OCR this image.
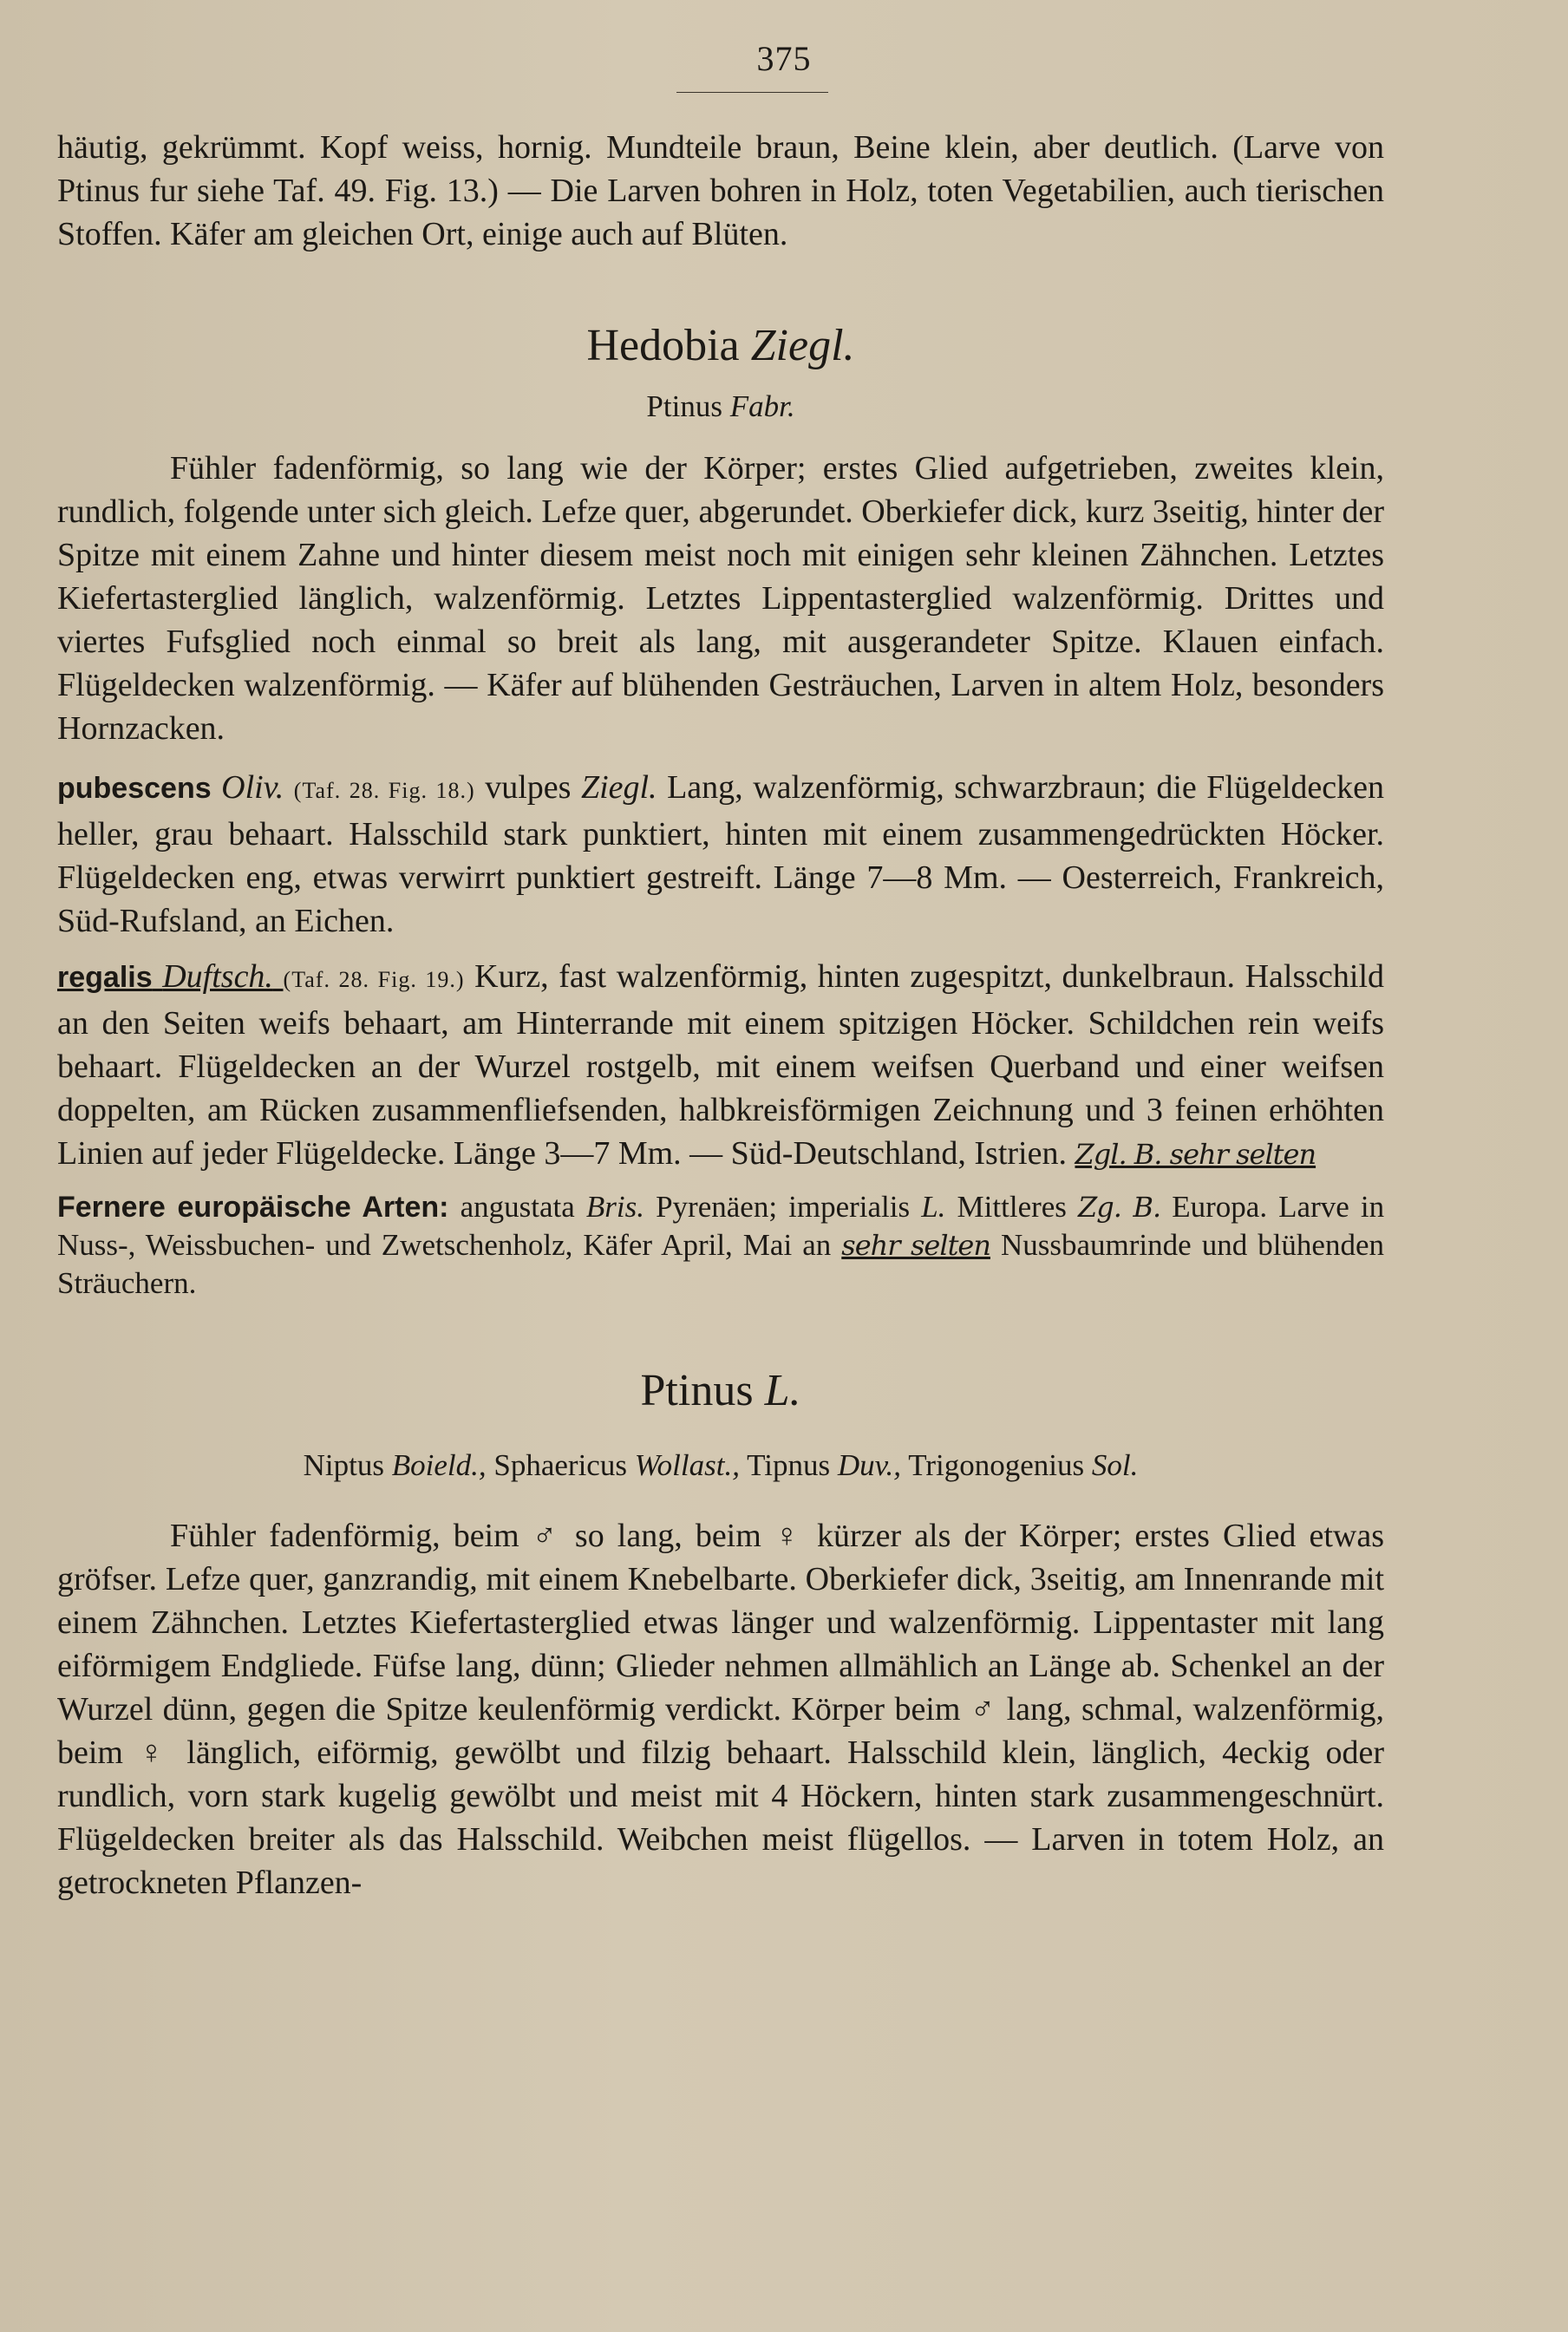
375

häutig, gekrümmt. Kopf weiss, hornig. Mundteile braun, Beine klein, aber deutlich. (Larve von Ptinus fur siehe Taf. 49. Fig. 13.) — Die Larven bohren in Holz, toten Vegetabilien, auch tierischen Stoffen. Käfer am gleichen Ort, einige auch auf Blüten.

Hedobia Ziegl.
Ptinus Fabr.

Fühler fadenförmig, so lang wie der Körper; erstes Glied aufgetrieben, zweites klein, rundlich, folgende unter sich gleich. Lefze quer, abgerundet. Oberkiefer dick, kurz 3seitig, hinter der Spitze mit einem Zahne und hinter diesem meist noch mit einigen sehr kleinen Zähnchen. Letztes Kiefertasterglied länglich, walzenförmig. Letztes Lippentasterglied walzenförmig. Drittes und viertes Fufsglied noch einmal so breit als lang, mit ausgerandeter Spitze. Klauen einfach. Flügeldecken walzenförmig. — Käfer auf blühenden Gesträuchen, Larven in altem Holz, besonders Hornzacken.

pubescens Oliv. (Taf. 28. Fig. 18.) vulpes Ziegl. Lang, walzenförmig, schwarzbraun; die Flügeldecken heller, grau behaart. Halsschild stark punktiert, hinten mit einem zusammengedrückten Höcker. Flügeldecken eng, etwas verwirrt punktiert gestreift. Länge 7—8 Mm. — Oesterreich, Frankreich, Süd-Rufsland, an Eichen.

regalis Duftsch. (Taf. 28. Fig. 19.) Kurz, fast walzenförmig, hinten zugespitzt, dunkelbraun. Halsschild an den Seiten weifs behaart, am Hinterrande mit einem spitzigen Höcker. Schildchen rein weifs behaart. Flügeldecken an der Wurzel rostgelb, mit einem weifsen Querband und einer weifsen doppelten, am Rücken zusammenfliefsenden, halbkreisförmigen Zeichnung und 3 feinen erhöhten Linien auf jeder Flügeldecke. Länge 3—7 Mm. — Süd-Deutschland, Istrien. Zgl. B. sehr selten

Fernere europäische Arten: angustata Bris. Pyrenäen; imperialis L. Mittleres Zg. B. Europa. Larve in Nuss-, Weissbuchen- und Zwetschenholz, Käfer April, Mai an sehr selten Nussbaumrinde und blühenden Sträuchern.

Ptinus L.
Niptus Boield., Sphaericus Wollast., Tipnus Duv., Trigonogenius Sol.

Fühler fadenförmig, beim ♂ so lang, beim ♀ kürzer als der Körper; erstes Glied etwas gröfser. Lefze quer, ganzrandig, mit einem Knebelbarte. Oberkiefer dick, 3seitig, am Innenrande mit einem Zähnchen. Letztes Kiefertasterglied etwas länger und walzenförmig. Lippentaster mit lang eiförmigem Endgliede. Füfse lang, dünn; Glieder nehmen allmählich an Länge ab. Schenkel an der Wurzel dünn, gegen die Spitze keulenförmig verdickt. Körper beim ♂ lang, schmal, walzenförmig, beim ♀ länglich, eiförmig, gewölbt und filzig behaart. Halsschild klein, länglich, 4eckig oder rundlich, vorn stark kugelig gewölbt und meist mit 4 Höckern, hinten stark zusammengeschnürt. Flügeldecken breiter als das Halsschild. Weibchen meist flügellos. — Larven in totem Holz, an getrockneten Pflanzen-
